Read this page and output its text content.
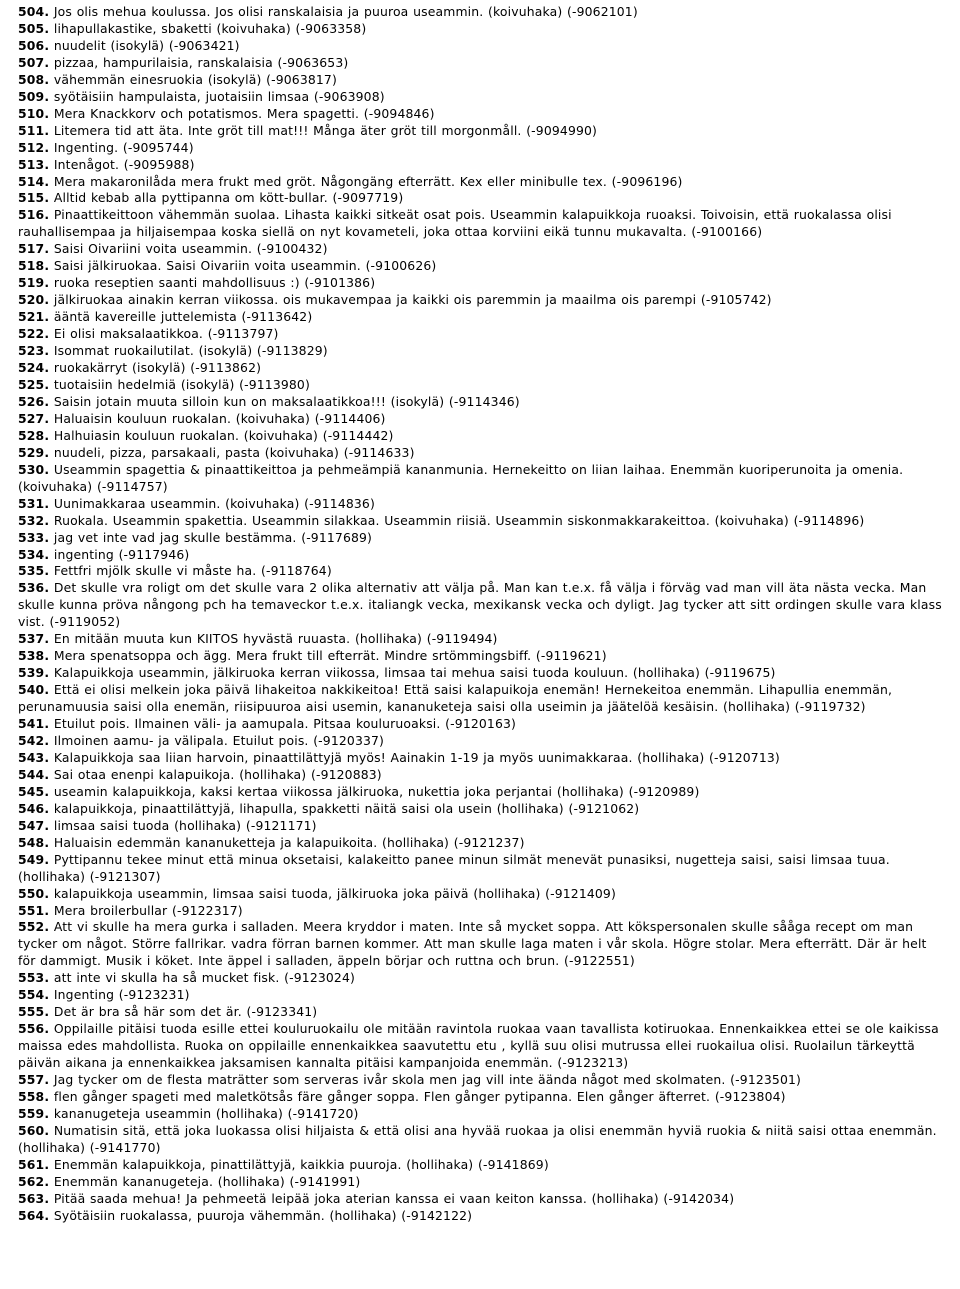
504. Jos olis mehua koulussa. Jos olisi ranskalaisia ja puuroa useammin. (koivuhaka) (-9062101)
505. lihapullakastike, sbaketti (koivuhaka) (-9063358)
506. nuudelit (isokylä) (-9063421)
507. pizzaa, hampurilaisia, ranskalaisia (-9063653)
508. vähemmän einesruokia (isokylä) (-9063817)
509. syötäisiin hampulaista, juotaisiin limsaa (-9063908)
510. Mera Knackkorv och potatismos. Mera spagetti. (-9094846)
511. Litemera tid att äta. Inte gröt till mat!!! Många äter gröt till morgonmåll. (-9094990)
512. Ingenting. (-9095744)
513. Intenågot. (-9095988)
514. Mera makaronilåda mera frukt med gröt. Någongäng efterrätt. Kex eller minibulle tex. (-9096196)
515. Alltid kebab alla pyttipanna om kött-bullar. (-9097719)
516. Pinaattikeittoon vähemmän suolaa. Lihasta kaikki sitkeät osat pois. Useammin kalapuikkoja ruoaksi. Toivoisin, että ruokalassa olisi rauhallisempaa ja hiljaisempaa koska siellä on nyt kovameteli, joka ottaa korviini eikä tunnu mukavalta. (-9100166)
517. Saisi Oivariini voita useammin. (-9100432)
518. Saisi jälkiruokaa. Saisi Oivariin voita useammin. (-9100626)
519. ruoka reseptien saanti mahdollisuus :) (-9101386)
520. jälkiruokaa ainakin kerran viikossa. ois mukavempaa ja kaikki ois paremmin ja maailma ois parempi (-9105742)
521. ääntä kavereille juttelemista (-9113642)
522. Ei olisi maksalaatikkoa. (-9113797)
523. Isommat ruokailutilat. (isokylä) (-9113829)
524. ruokakärryt (isokylä) (-9113862)
525. tuotaisiin hedelmiä (isokylä) (-9113980)
526. Saisin jotain muuta silloin kun on maksalaatikkoa!!! (isokylä) (-9114346)
527. Haluaisin kouluun ruokalan. (koivuhaka) (-9114406)
528. Halhuiasin kouluun ruokalan. (koivuhaka) (-9114442)
529. nuudeli, pizza, parsakaali, pasta (koivuhaka) (-9114633)
530. Useammin spagettia & pinaattikeittoa ja pehmeämpiä kananmunia. Hernekeitto on liian laihaa. Enemmän kuoriperunoita ja omenia. (koivuhaka) (-9114757)
531. Uunimakkaraa useammin. (koivuhaka) (-9114836)
532. Ruokala. Useammin spakettia. Useammin silakkaa. Useammin riisiä. Useammin siskonmakkarakeittoa. (koivuhaka) (-9114896)
533. jag vet inte vad jag skulle bestämma. (-9117689)
534. ingenting (-9117946)
535. Fettfri mjölk skulle vi måste ha. (-9118764)
536. Det skulle vra roligt om det skulle vara 2 olika alternativ att välja på. Man kan t.e.x. få välja i förväg vad man vill äta nästa vecka. Man skulle kunna pröva nångong pch ha temaveckor t.e.x. italiangk vecka, mexikansk vecka och dyligt. Jag tycker att sitt ordingen skulle vara klass vist. (-9119052)
537. En mitään muuta kun KIITOS hyvästä ruuasta. (hollihaka) (-9119494)
538. Mera spenatsoppa och ägg. Mera frukt till efterrät. Mindre srtömmingsbiff. (-9119621)
539. Kalapuikkoja useammin, jälkiruoka kerran viikossa, limsaa tai mehua saisi tuoda kouluun. (hollihaka) (-9119675)
540. Että ei olisi melkein joka päivä lihakeitoa nakkikeitoa! Että saisi kalapuikoja enemän! Hernekeitoa enemmän. Lihapullia enemmän, perunamuusia saisi olla enemän, riisipuuroa aisi usemin, kananuketeja saisi olla useimin ja jäätelöä kesäisin. (hollihaka) (-9119732)
541. Etuilut pois. Ilmainen väli- ja aamupala. Pitsaa kouluruoaksi. (-9120163)
542. Ilmoinen aamu- ja välipala. Etuilut pois. (-9120337)
543. Kalapuikkoja saa liian harvoin, pinaattilättyjä myös! Aainakin 1-19 ja myös uunimakkaraa. (hollihaka) (-9120713)
544. Sai otaa enenpi kalapuikoja. (hollihaka) (-9120883)
545. useamin kalapuikkoja, kaksi kertaa viikossa jälkiruoka, nukettia joka perjantai (hollihaka) (-9120989)
546. kalapuikkoja, pinaattilättyjä, lihapulla, spakketti näitä saisi ola usein (hollihaka) (-9121062)
547. limsaa saisi tuoda (hollihaka) (-9121171)
548. Haluaisin edemmän kananuketteja ja kalapuikoita. (hollihaka) (-9121237)
549. Pyttipannu tekee minut että minua oksetaisi, kalakeitto panee minun silmät menevät punasiksi, nugetteja saisi, saisi limsaa tuua. (hollihaka) (-9121307)
550. kalapuikkoja useammin, limsaa saisi tuoda, jälkiruoka joka päivä (hollihaka) (-9121409)
551. Mera broilerbullar (-9122317)
552. Att vi skulle ha mera gurka i salladen. Meera kryddor i maten. Inte så mycket soppa. Att kökspersonalen skulle sååga recept om man tycker om något. Större fallrikar. vadra förran barnen kommer. Att man skulle laga maten i vår skola. Högre stolar. Mera efterrätt. Där är helt för dammigt. Musik i köket. Inte äppel i salladen, äppeln börjar och ruttna och brun. (-9122551)
553. att inte vi skulla ha så mucket fisk. (-9123024)
554. Ingenting (-9123231)
555. Det är bra så här som det är. (-9123341)
556. Oppilaille pitäisi tuoda esille ettei kouluruokailu ole mitään ravintola ruokaa vaan tavallista kotiruokaa. Ennenkaikkea ettei se ole kaikissa maissa edes mahdollista. Ruoka on oppilaille ennenkaikkea saavutettu etu , kyllä suu olisi mutrussa ellei ruokailua olisi. Ruolailun tärkeyttä päivän aikana ja ennenkaikkea jaksamisen kannalta pitäisi kampanjoida enemmän. (-9123213)
557. Jag tycker om de flesta maträtter som serveras ivår skola men jag vill inte äända något med skolmaten. (-9123501)
558. flen gånger spageti med maletkötsås färe gånger soppa. Flen gånger pytipanna. Elen gånger äfterret. (-9123804)
559. kananugeteja useammin (hollihaka) (-9141720)
560. Numatisin sitä, että joka luokassa olisi hiljaista & että olisi ana hyvää ruokaa ja olisi enemmän hyviä ruokia & niitä saisi ottaa enemmän. (hollihaka) (-9141770)
561. Enemmän kalapuikkoja, pinattilättyjä, kaikkia puuroja. (hollihaka) (-9141869)
562. Enemmän kananugeteja. (hollihaka) (-9141991)
563. Pitää saada mehua! Ja pehmeetä leipää joka aterian kanssa ei vaan keiton kanssa. (hollihaka) (-9142034)
564. Syötäisiin ruokalassa, puuroja vähemmän. (hollihaka) (-9142122)
